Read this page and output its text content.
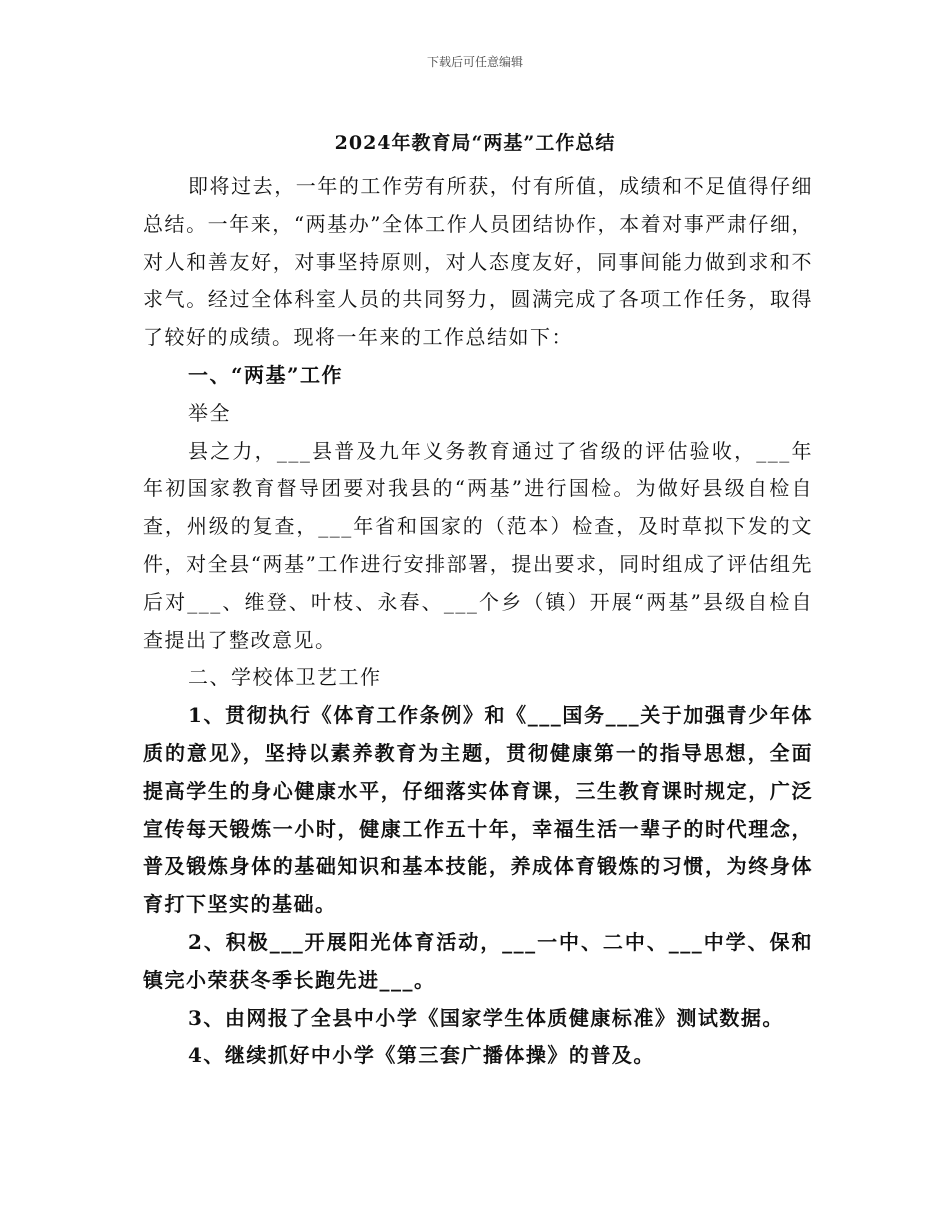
下载后可任意编辑
2024年教育局“两基”工作总结

即将过去，一年的工作劳有所获，付有所值，成绩和不足值得仔细总结。一年来，“两基办”全体工作人员团结协作，本着对事严肃仔细，对人和善友好，对事坚持原则，对人态度友好，同事间能力做到求和不求气。经过全体科室人员的共同努力，圆满完成了各项工作任务，取得了较好的成绩。现将一年来的工作总结如下：

一、“两基”工作

举全

县之力，___县普及九年义务教育通过了省级的评估验收，___年年初国家教育督导团要对我县的“两基”进行国检。为做好县级自检自查，州级的复查，___年省和国家的（范本）检查，及时草拟下发的文件，对全县“两基”工作进行安排部署，提出要求，同时组成了评估组先后对___、维登、叶枝、永春、___个乡（镇）开展“两基”县级自检自查提出了整改意见。

二、学校体卫艺工作

1、贯彻执行《体育工作条例》和《___国务___关于加强青少年体质的意见》，坚持以素养教育为主题，贯彻健康第一的指导思想，全面提高学生的身心健康水平，仔细落实体育课，三生教育课时规定，广泛宣传每天锻炼一小时，健康工作五十年，幸福生活一辈子的时代理念，普及锻炼身体的基础知识和基本技能，养成体育锻炼的习惯，为终身体育打下坚实的基础。

2、积极___开展阳光体育活动，___一中、二中、___中学、保和镇完小荣获冬季长跑先进___。

3、由网报了全县中小学《国家学生体质健康标准》测试数据。

4、继续抓好中小学《第三套广播体操》的普及。
